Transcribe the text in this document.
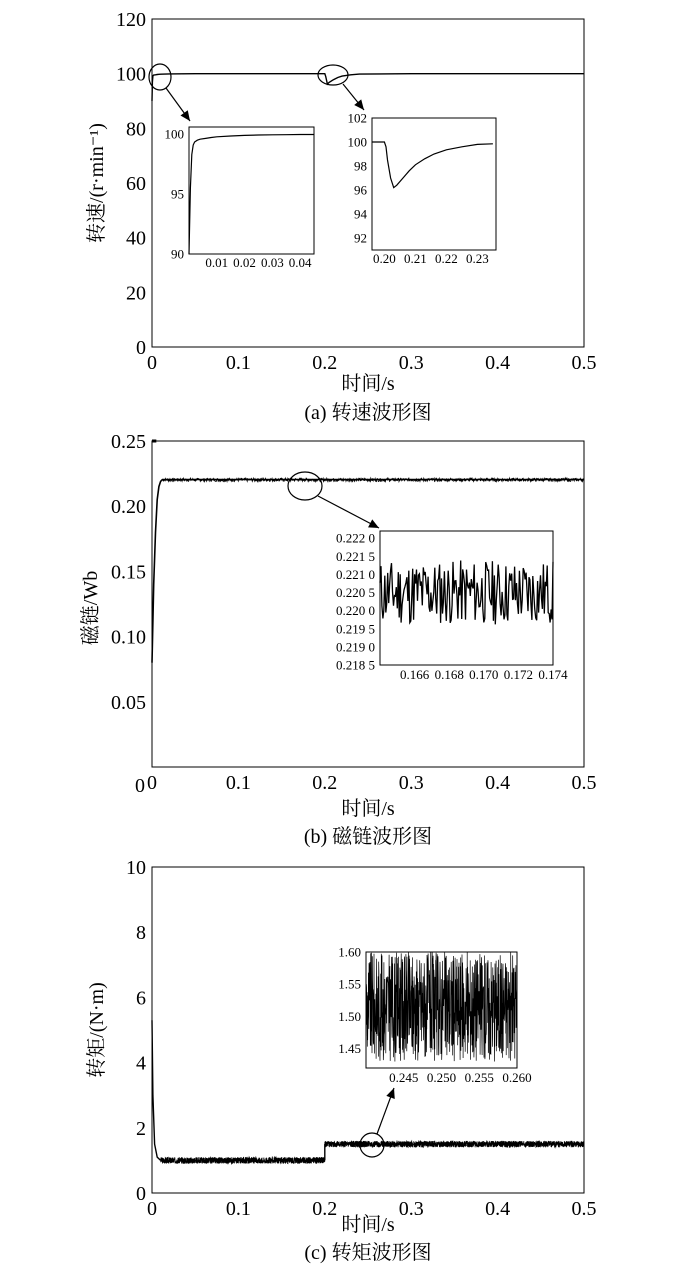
0	0.1	0.2	0.3	0.4	0.5
0
20
40
60
80
100
120
0.01 0.02 0.03 0.04
90
95
100
0.20 0.21 0.22 0.23
92
94
96
98
100
102
转速/(r·min⁻¹)
时间/s
(a) 转速波形图
0	0.1	0.2	0.3	0.4	0.5
0.05
0.10
0.15
0.20
0.25
0
0.166 0.168 0.170 0.172 0.174
0.218 5
0.219 0
0.219 5
0.220 0
0.220 5
0.221 0
0.221 5
0.222 0
磁链/Wb
时间/s
(b) 磁链波形图
0	0.1	0.2	0.3	0.4	0.5
0
2
4
6
8
10
0.245 0.250 0.255 0.260
1.45
1.50
1.55
1.60
转矩/(N·m)
时间/s
(c) 转矩波形图
